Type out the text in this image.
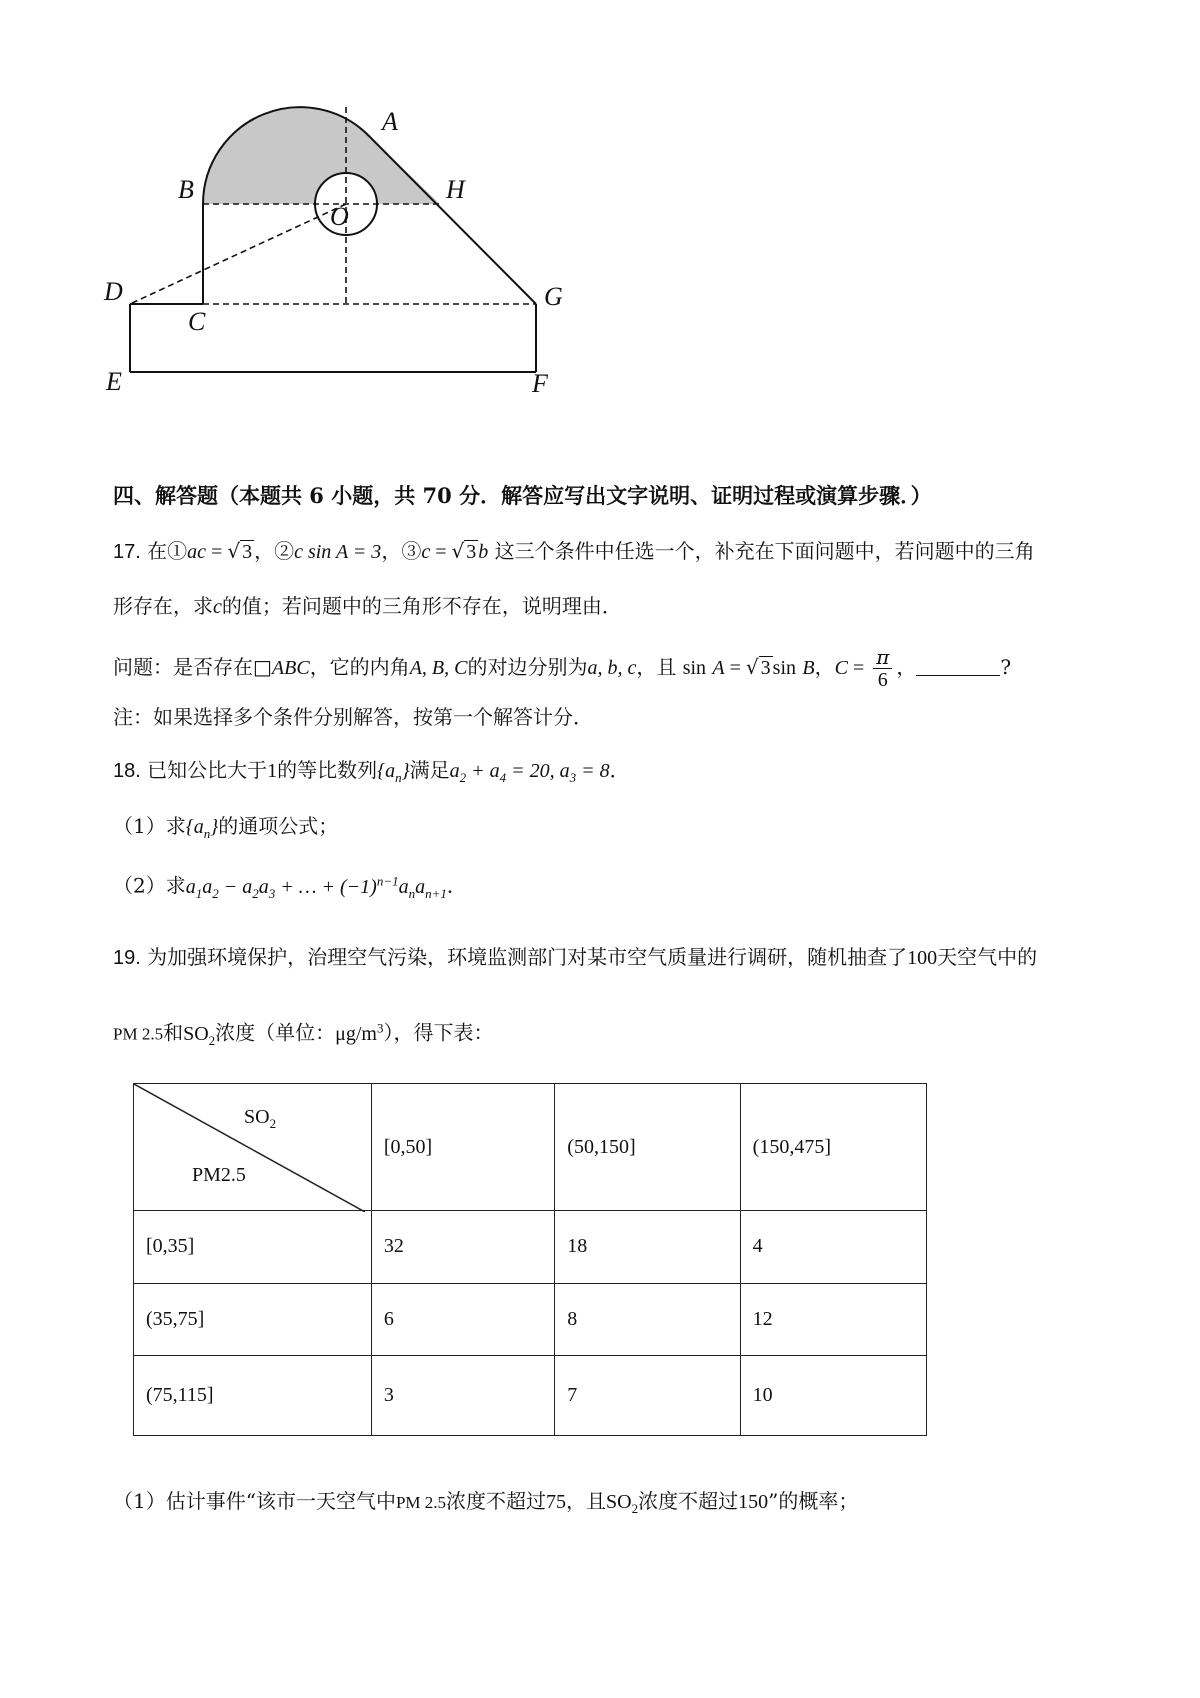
A
B	H
O
D
C
G
E	F
四、解答题（本题共 6 小题，共 70 分．解答应写出文字说明、证明过程或演算步骤．）
17. 在①ac = √ 3 ，②c sin A = 3，③c = √ 3 b 这三个条件中任选一个，补充在下面问题中，若问题中的三角
形存在，求c的值；若问题中的三角形不存在，说明理由．
问题：是否存在□ABC，它的内角A, B, C的对边分别为a, b, c，且 sin A = √ 3 sin B，$C = \frac{\pi}{6}$ ，	?
注：如果选择多个条件分别解答，按第一个解答计分．
18. 已知公比大于1的等比数列$\{a_n\}$满足$a_2 + a_4 = 20$, $a_3 = 8$．
（1）求$\{a_n\}$的通项公式；
（2）求$a_1a_2 - a_2a_3$ + … + $(-1)^{n-1}a_na_{n+1}$．
19. 为加强环境保护，治理空气污染，环境监测部门对某市空气质量进行调研，随机抽查了100天空气中的
PM 2.5和$SO_2$浓度（单位：$\mu g/m^3$），得下表：
$SO_2$
PM2.5	[0,50]	(50,150]	(150,475]
[0,35]	32	18	4
(35,75]	6	8	12
(75,115]	3	7	10
（1）估计事件“该市一天空气中PM 2.5浓度不超过75，且$SO_2$浓度不超过150”的概率；
